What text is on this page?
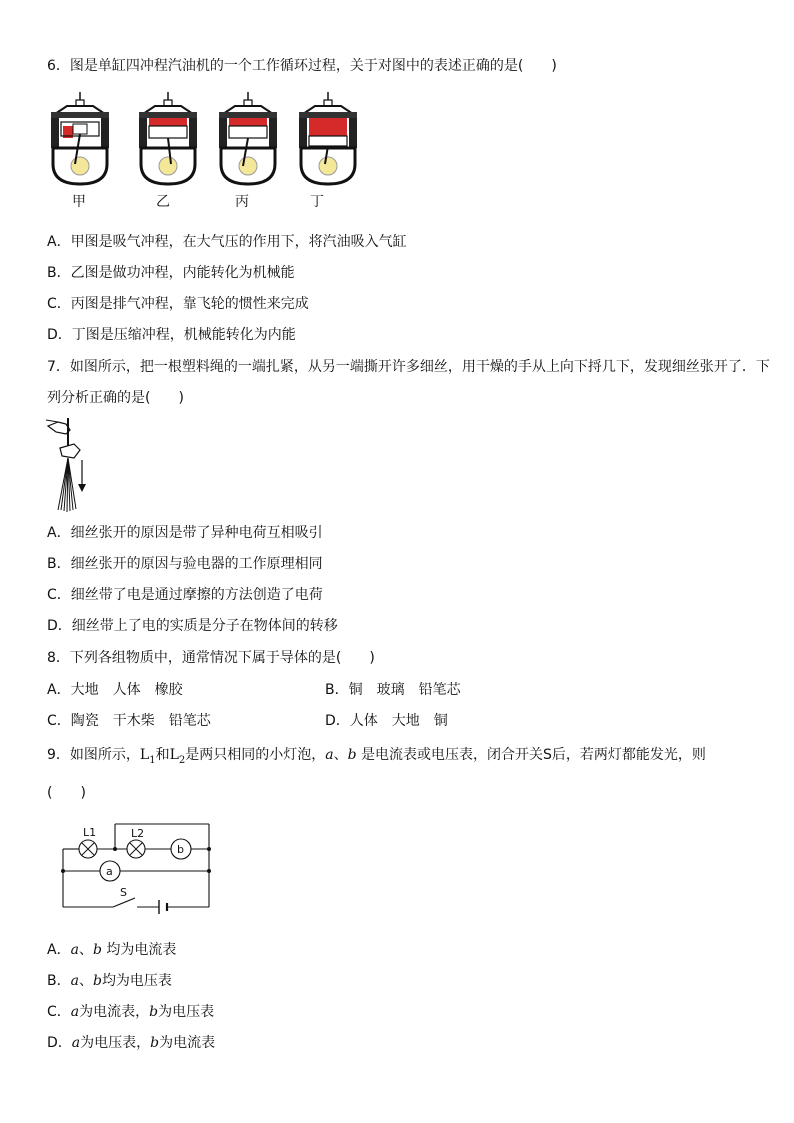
6．图是单缸四冲程汽油机的一个工作循环过程，关于对图中的表述正确的是(　　)
甲	乙	丙	丁
A．甲图是吸气冲程，在大气压的作用下，将汽油吸入气缸
B．乙图是做功冲程，内能转化为机械能
C．丙图是排气冲程，靠飞轮的惯性来完成
D．丁图是压缩冲程，机械能转化为内能
7．如图所示，把一根塑料绳的一端扎紧，从另一端撕开许多细丝，用干燥的手从上向下捋几下，发现细丝张开了．下
列分析正确的是(　　)
A．细丝张开的原因是带了异种电荷互相吸引
B．细丝张开的原因与验电器的工作原理相同
C．细丝带了电是通过摩擦的方法创造了电荷
D．细丝带上了电的实质是分子在物体间的转移
8．下列各组物质中，通常情况下属于导体的是(　　)
A．大地　人体　橡胶	B．铜　玻璃　铅笔芯
C．陶瓷　干木柴　铅笔芯	D．人体　大地　铜
9．如图所示，$L_1$和$L_2$是两只相同的小灯泡，a、b 是电流表或电压表，闭合开关S后，若两灯都能发光，则
(　　)
L1	L2
b
a
S
A．a、b 均为电流表
B．a、b均为电压表
C．a为电流表，b为电压表
D．a为电压表，b为电流表
